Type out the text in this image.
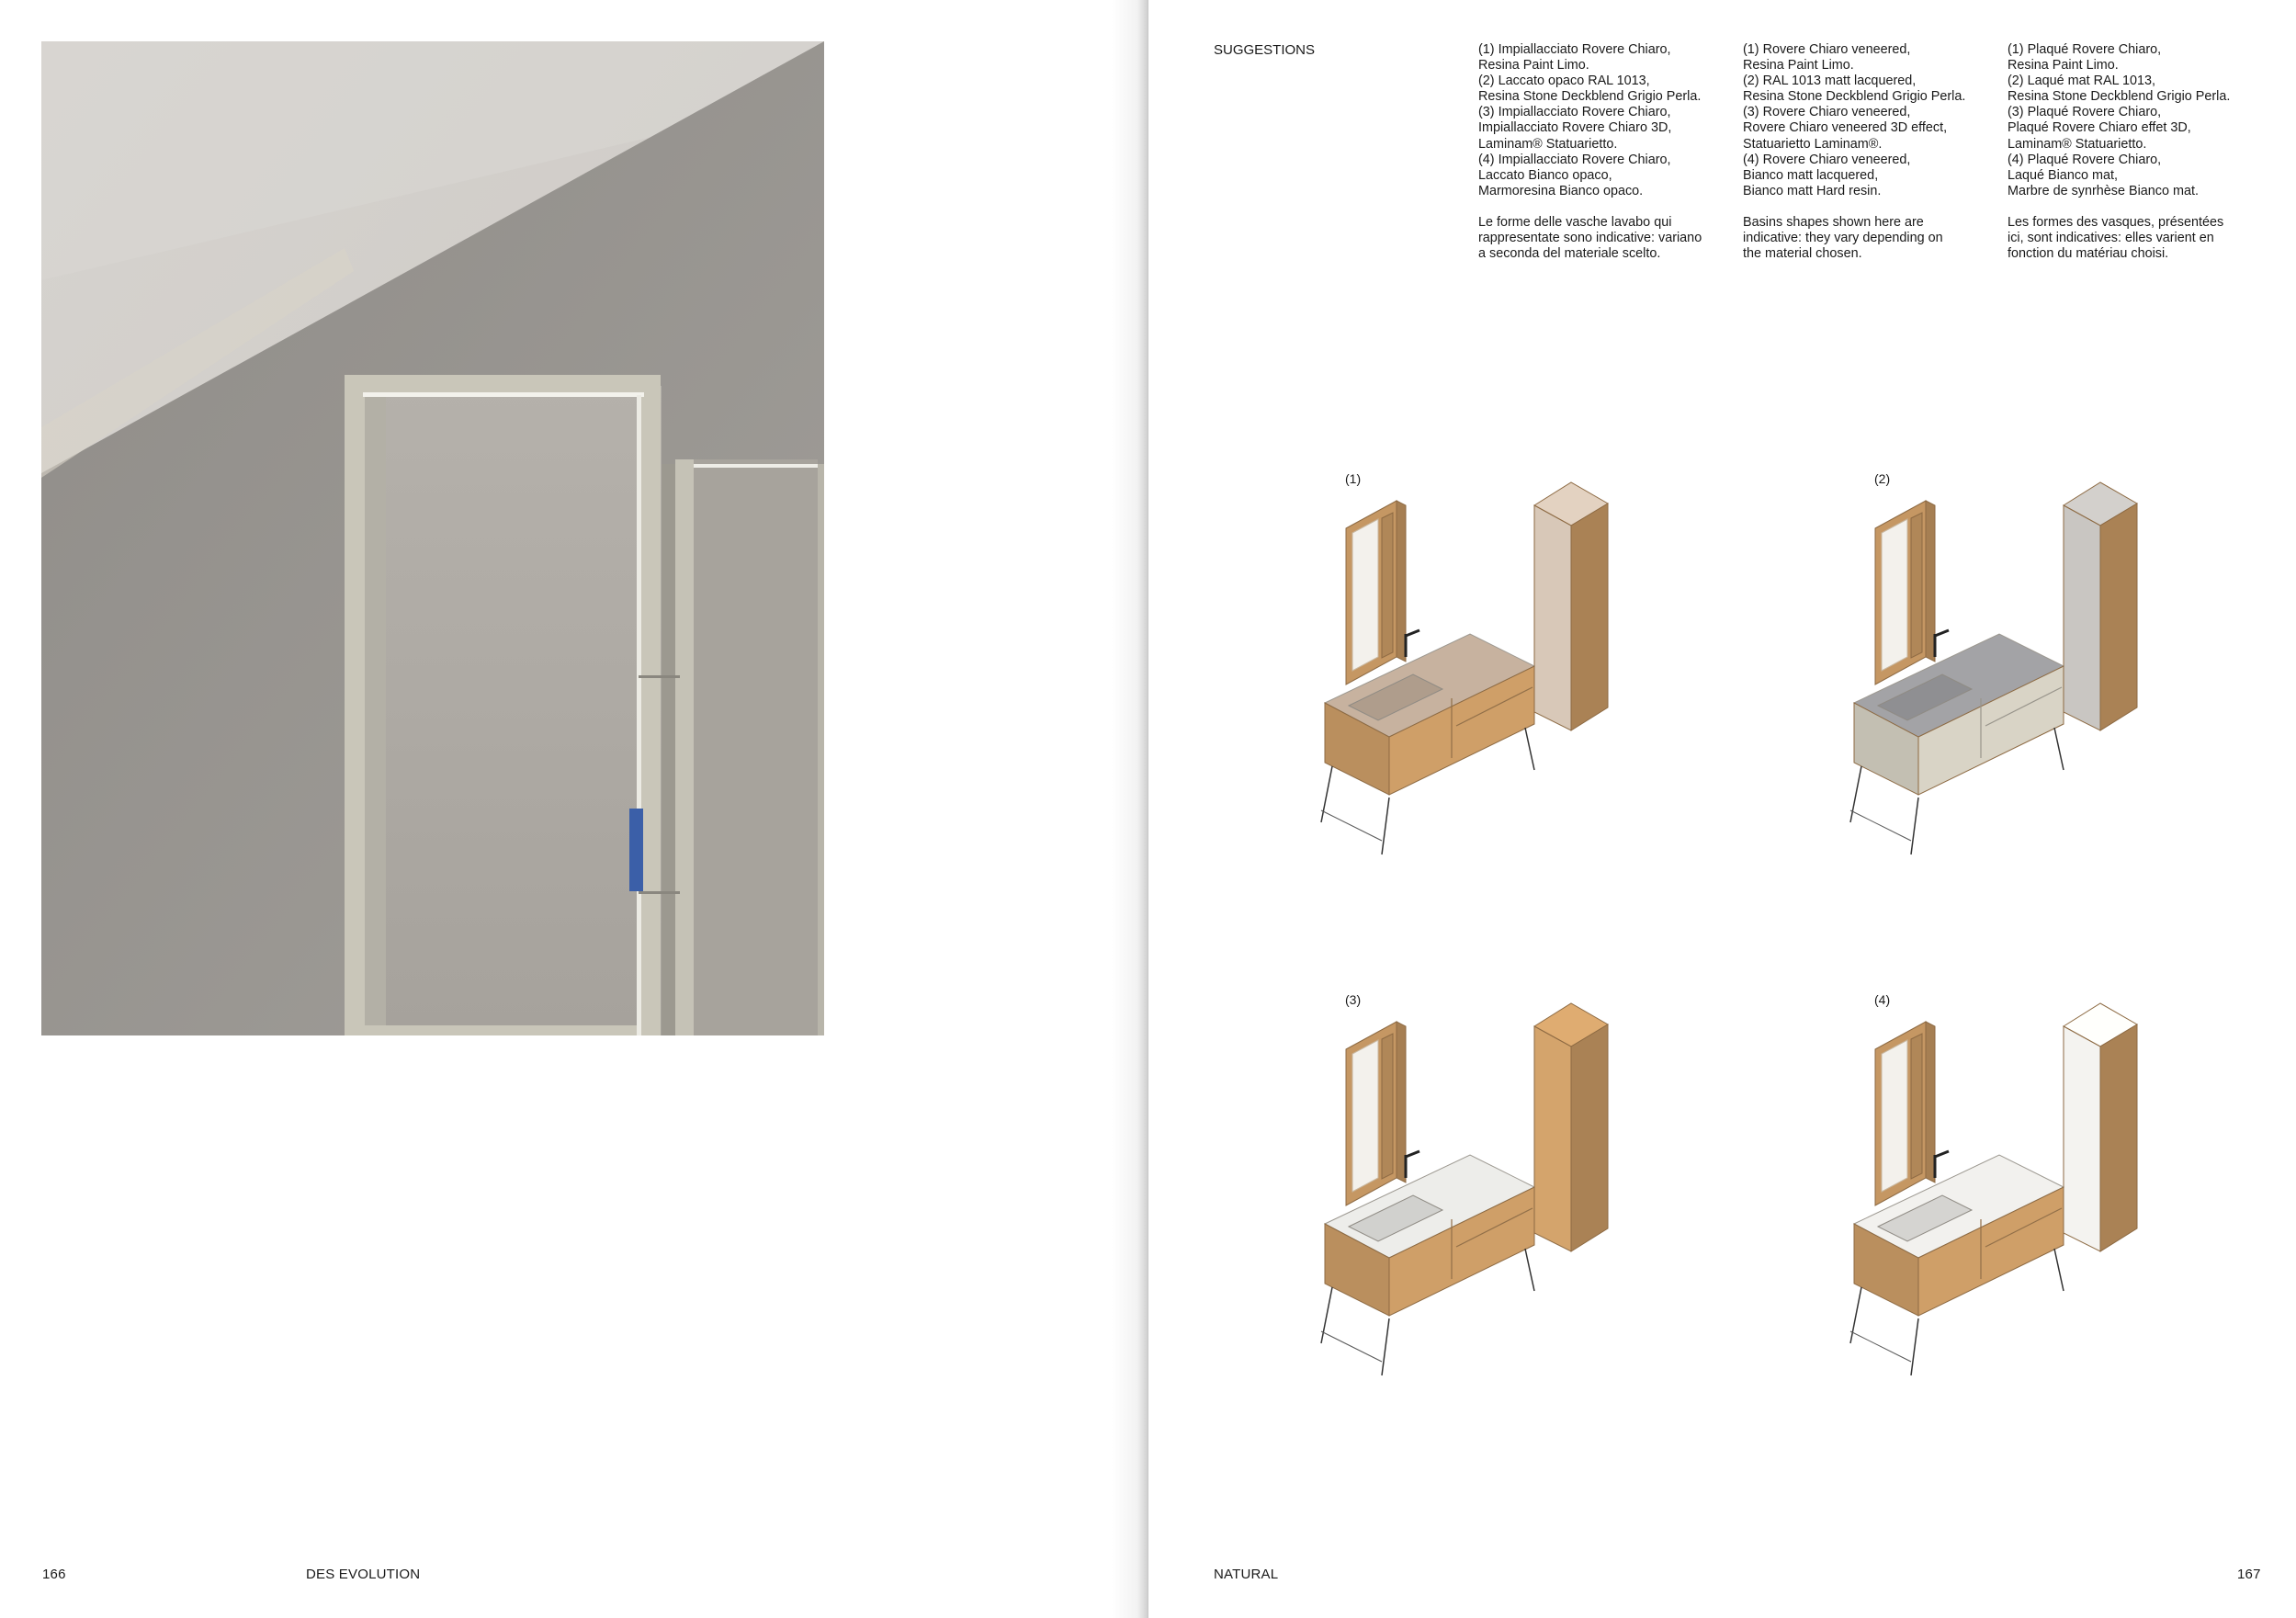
166	DES EVOLUTION
SUGGESTIONS	(1) Impiallacciato Rovere Chiaro,
Resina Paint Limo.
(2) Laccato opaco RAL 1013,
Resina Stone Deckblend Grigio Perla.
(3) Impiallacciato Rovere Chiaro,
Impiallacciato Rovere Chiaro 3D,
Laminam® Statuarietto.
(4) Impiallacciato Rovere Chiaro,
Laccato Bianco opaco,
Marmoresina Bianco opaco.

Le forme delle vasche lavabo qui
rappresentate sono indicative: variano
a seconda del materiale scelto.

(1) Rovere Chiaro veneered,
Resina Paint Limo.
(2) RAL 1013 matt lacquered,
Resina Stone Deckblend Grigio Perla.
(3) Rovere Chiaro veneered,
Rovere Chiaro veneered 3D effect,
Statuarietto Laminam®.
(4) Rovere Chiaro veneered,
Bianco matt lacquered,
Bianco matt Hard resin.

Basins shapes shown here are
indicative: they vary depending on
the material chosen.

(1) Plaqué Rovere Chiaro,
Resina Paint Limo.
(2) Laqué mat RAL 1013,
Resina Stone Deckblend Grigio Perla.
(3) Plaqué Rovere Chiaro,
Plaqué Rovere Chiaro effet 3D,
Laminam® Statuarietto.
(4) Plaqué Rovere Chiaro,
Laqué Bianco mat,
Marbre de synrhèse Bianco mat.

Les formes des vasques, présentées
ici, sont indicatives: elles varient en
fonction du matériau choisi.

(1)	(2)
(3)	(4)
NATURAL	167
